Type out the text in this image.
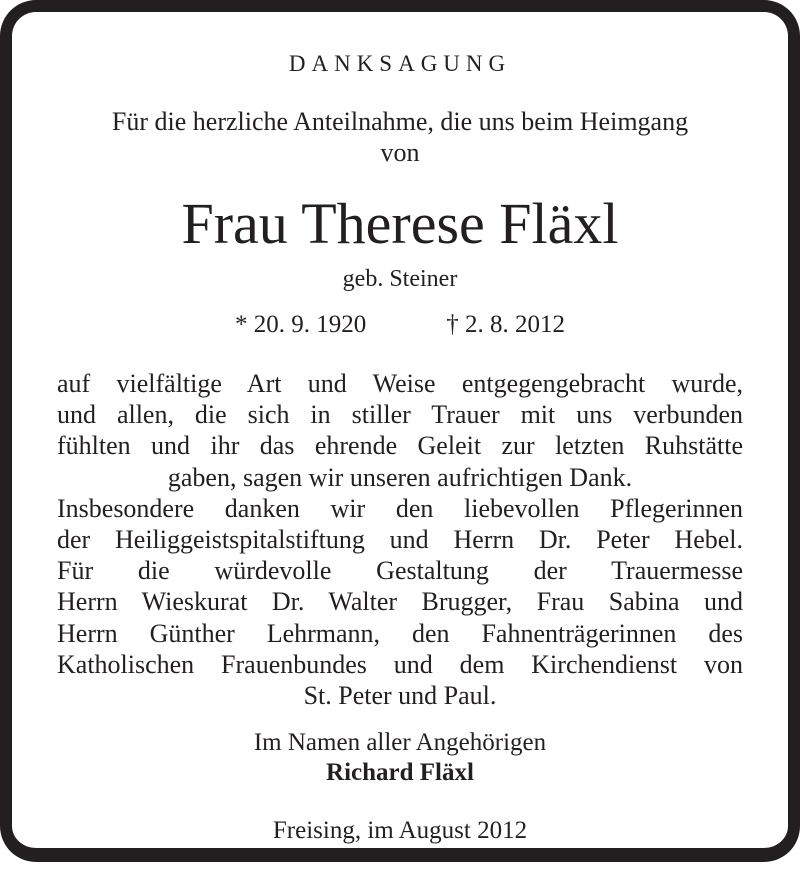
DANKSAGUNG
Für die herzliche Anteilnahme, die uns beim Heimgang
von
Frau Therese Fläxl
geb. Steiner
* 20. 9. 1920	† 2. 8. 2012
auf vielfältige Art und Weise entgegengebracht wurde,
und allen, die sich in stiller Trauer mit uns verbunden
fühlten und ihr das ehrende Geleit zur letzten Ruhstätte
gaben, sagen wir unseren aufrichtigen Dank.
Insbesondere danken wir den liebevollen Pflegerinnen
der Heiliggeistspitalstiftung und Herrn Dr. Peter Hebel.
Für die würdevolle Gestaltung der Trauermesse
Herrn Wieskurat Dr. Walter Brugger, Frau Sabina und
Herrn Günther Lehrmann, den Fahnenträgerinnen des
Katholischen Frauenbundes und dem Kirchendienst von
St. Peter und Paul.
Im Namen aller Angehörigen
Richard Fläxl
Freising, im August 2012
